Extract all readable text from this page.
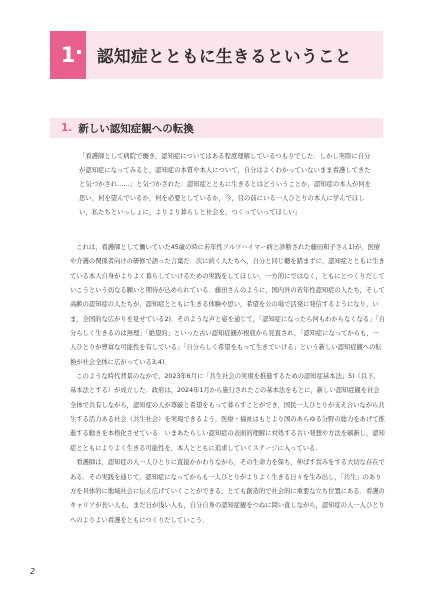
1 認知症とともに生きるということ
1. 新しい認知症観への転換
「看護師として病院で働き，認知症についてはある程度理解しているつもりでした．しかし実際に自分が認知症になってみると，認知症の本質や本人について，自分はよくわかっていないまま看護してきたと気づかされ……」と気づかされた．認知症とともに生きるとはどういうことか，認知症の本人が何を思い，何を望んでいるか，何を必要としているか，今，目の前にいる一人ひとりの本人に学んでほしい，私たちといっしょに，よりより暮らしと社会を，つくっていってほしい」

これは，看護師として働いていた45歳の時に若年性アルツハイマー病と診断された藤田和子さん1)が，医療や介護の関係者向けの研修で語った言葉だ．次に続く人たちへ，自分と同じ轍を踏まずに，認知症とともに生きている本人自身がよりよく暮らしていけるための実践をしてほしい，一方的にではなく，ともにとつくりだしていこうという切なる願いと期待が込められている．藤田さんのように，国内外の若年性認知症の人たち，そして高齢の認知症の人たちが，認知症とともに生きる体験や思い，希望を公の場で活発に発信するようになり，いま，全国的な広がりを見せている2)．そのような声と姿を通じて，「認知症になったら何もわからなくなる」「自分らしく生きるのは無理」「絶望的」といった古い認知症観が根底から見直され，「認知症になってからも，一人ひとりが豊富な可能性を有している」「自分らしく希望をもって生きていける」という新しい認知症観への転換が社会全体に広がっている3,4)．

このような時代背景のなかで，2023年6月に「共生社会の実現を推進するための認知症基本法」5)（以下，基本法とする）が成立した．政府は，2024年1月から施行されたこの基本法をもとに，新しい認知症観を社会全体で共有しながら，認知症の人が尊厳と希望をもって暮らすことができ，国民一人ひとりが支え合いながら共生する活力ある社会（共生社会）を実現できるよう，医療・福祉はもとより国のあらゆる分野の総力をあげて推進する動きを本格化させている．いまあたらしい認知症の表面的理解に対処する古い発想や方法を刷新し，認知症とともによりよく生きる可能性を，本人とともに追求していくステージに入っている．

看護師は，認知症の人一人ひとりに直接かかわりながら，その生命力を保ち，伸ばす営みをする大切な存在である．その実践を通じて，認知症になってからも一人ひとりがよりよく生きる日々を生み出し，「共生」のあり方を具体的に地域社会に伝え広げていくことができる，とても創造的で社会的に重要な立ち位置にある．看護のキャリアが長い人も，まだ日が浅い人も，自分自身の認知症観をつねに問い直しながら，認知症の人一人ひとりへのよりよい看護をともにつくりだしていこう．

2
